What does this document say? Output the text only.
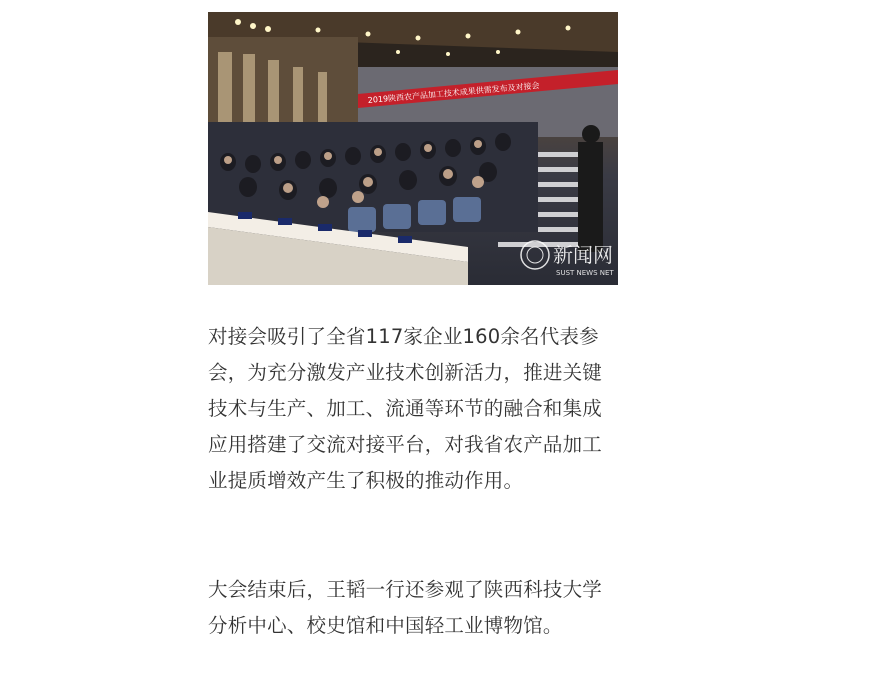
2019陕西农产品加工技术成果供需发布及对接会
新闻网
SUST NEWS NET

对接会吸引了全省117家企业160余名代表参会，为充分激发产业技术创新活力，推进关键技术与生产、加工、流通等环节的融合和集成应用搭建了交流对接平台，对我省农产品加工业提质增效产生了积极的推动作用。

大会结束后，王韬一行还参观了陕西科技大学分析中心、校史馆和中国轻工业博物馆。
